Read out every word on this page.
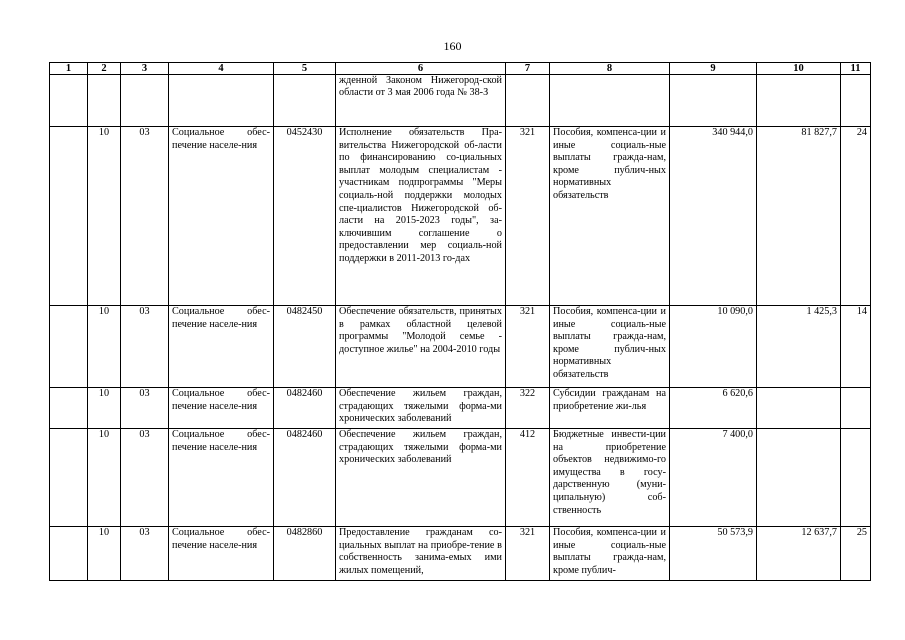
160
1	2	3	4	5	6	7	8	9	10	11
					жденной Законом Нижегород-ской области от 3 мая 2006 года № 38-З					
	10	03	Социальное обес-печение населе-ния	0452430	Исполнение обязательств Пра-вительства Нижегородской об-ласти по финансированию со-циальных выплат молодым специалистам - участникам подпрограммы "Меры социаль-ной поддержки молодых спе-циалистов Нижегородской об-ласти на 2015-2023 годы", за-ключившим соглашение о предоставлении мер социаль-ной поддержки в 2011-2013 го-дах	321	Пособия, компенса-ции и иные социаль-ные выплаты гражда-нам, кроме публич-ных нормативных обязательств	340 944,0	81 827,7	24
	10	03	Социальное обес-печение населе-ния	0482450	Обеспечение обязательств, принятых в рамках областной целевой программы "Молодой семье - доступное жилье" на 2004-2010 годы	321	Пособия, компенса-ции и иные социаль-ные выплаты гражда-нам, кроме публич-ных нормативных обязательств	10 090,0	1 425,3	14
	10	03	Социальное обес-печение населе-ния	0482460	Обеспечение жильем граждан, страдающих тяжелыми форма-ми хронических заболеваний	322	Субсидии гражданам на приобретение жи-лья	6 620,6		
	10	03	Социальное обес-печение населе-ния	0482460	Обеспечение жильем граждан, страдающих тяжелыми форма-ми хронических заболеваний	412	Бюджетные инвести-ции на приобретение объектов недвижимо-го имущества в госу-дарственную (муни-ципальную) соб-ственность	7 400,0		
	10	03	Социальное обес-печение населе-ния	0482860	Предоставление гражданам со-циальных выплат на приобре-тение в собственность занима-емых ими жилых помещений,	321	Пособия, компенса-ции и иные социаль-ные выплаты гражда-нам, кроме публич-	50 573,9	12 637,7	25
